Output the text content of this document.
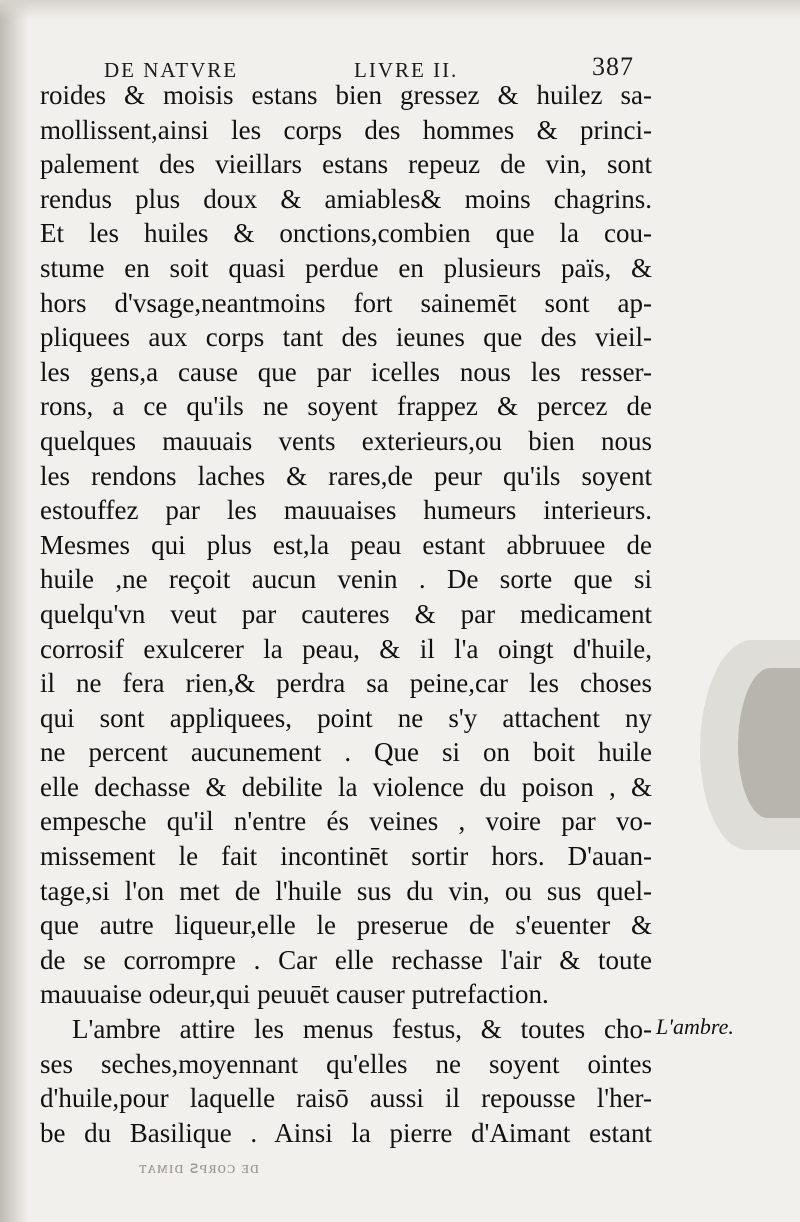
DE NATVRE	LIVRE II.	387
roides & moisis estans bien gressez & huilez sa-
mollissent,ainsi les corps des hommes & princi-
palement des vieillars estans repeuz de vin, sont
rendus plus doux & amiables& moins chagrins.
Et les huiles & onctions,combien que la cou-
stume en soit quasi perdue en plusieurs païs, &
hors d'vsage,neantmoins fort sainemēt sont ap-
pliquees aux corps tant des ieunes que des vieil-
les gens,a cause que par icelles nous les resser-
rons, a ce qu'ils ne soyent frappez & percez de
quelques mauuais vents exterieurs,ou bien nous
les rendons laches & rares,de peur qu'ils soyent
estouffez par les mauuaises humeurs interieurs.
Mesmes qui plus est,la peau estant abbruuee de
huile ,ne reçoit aucun venin . De sorte que si
quelqu'vn veut par cauteres & par medicament
corrosif exulcerer la peau, & il l'a oingt d'huile,
il ne fera rien,& perdra sa peine,car les choses
qui sont appliquees, point ne s'y attachent ny
ne percent aucunement . Que si on boit huile
elle dechasse & debilite la violence du poison , &
empesche qu'il n'entre és veines , voire par vo-
missement le fait incontinēt sortir hors. D'auan-
tage,si l'on met de l'huile sus du vin, ou sus quel-
que autre liqueur,elle le preserue de s'euenter &
de se corrompre . Car elle rechasse l'air & toute
mauuaise odeur,qui peuuēt causer putrefaction.
L'ambre attire les menus festus, & toutes cho-
ses seches,moyennant qu'elles ne soyent ointes
d'huile,pour laquelle raisō aussi il repousse l'her-
be du Basilique . Ainsi la pierre d'Aimant estant
L'ambre.
ᴅᴇ ᴄᴏʀᴘꜱ ᴅɪᴍᴀᴛ
